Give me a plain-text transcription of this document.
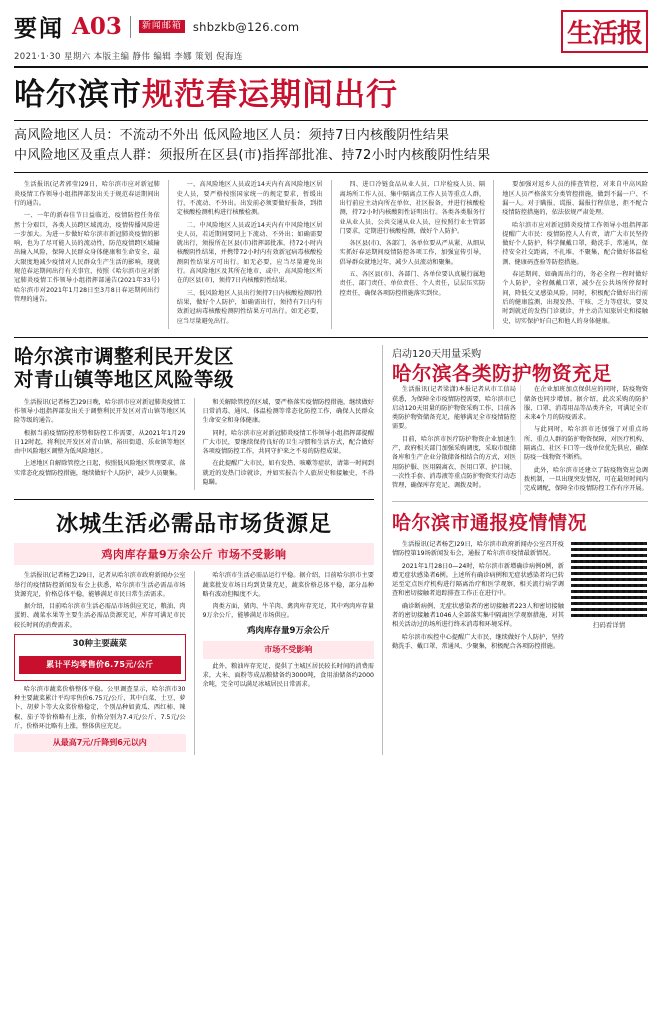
要闻 A03	新闻邮箱 shbzkb@126.com
2021·1·30 星期六 本版主编 静伟 编辑 李娜 策划 倪海连
生活报
哈尔滨市规范春运期间出行
高风险地区人员：不流动不外出 低风险地区人员：须持7日内核酸阴性结果
中风险地区及重点人群：须报所在区县(市)指挥部批准、持72小时内核酸阴性结果

生活报讯(记者郭莹)29日，哈尔滨市应对新冠肺炎疫情工作领导小组指挥部发出关于规范春运期间出行的通告。

一、一年的新春佳节日益临近，疫情防控任务依然十分艰巨，各类人员跨区域流动，疫情传播风险进一步加大。为进一步做好哈尔滨市新冠肺炎疫情的影响，也为了尽可能人员的流动性，防范疫情跨区域输出输入风险，保障人民群众身体健康和生命安全，最大限度地减少疫情对人民群众生产生活的影响，现就规范春运期间出行有关事宜，按照《哈尔滨市应对新冠肺炎疫情工作领导小组指挥部通告(2021年33号)哈尔滨市对2021年1月28日至3月8日春运期间出行管理的通告。

一、高风险地区人员或近14天内有高风险地区居史人员，要严格按照国家统一的规定要求，暂缓出行，不流动、不外出。出发前必须要做好报备，到指定核酸检测机构进行核酸检测。

二、中风险地区人员或近14天内有中风险地区居史人员，若近期间要同上下流动、不外出；如确需要就出行，须报所在区县(市)指挥部批准、持72小时内核酸阴性结果，并携带72小时内有效新冠病毒核酸检测阴性结果方可出行。如无必要，应当尽量避免出行。高风险地区及其所在地市，或中、高风险地区所在的区县(市)，须持7日内核酸阴性结果。

三、低风险地区人员出行须持7日内核酸检测阴性结果，做好个人防护，如确需出行，须持有7日内有效新冠病毒核酸检测阴性结果方可出行。如无必要，应当尽量避免出行。

四、进口冷链食品从业人员、口岸检疫人员、隔离场所工作人员、集中隔离点工作人员等重点人群，出行前应主动向所在单位、社区报备，并进行核酸检测，持72小时内核酸阴性证明出行。各类各类服务行业从业人员、公共交通从业人员，应按照行业主管部门要求，定期进行核酸检测，做好个人防护。

各区县(市)、各部门、各单位要从严从紧、从细从实抓好春运期间疫情防控各项工作，加强宣传引导，倡导群众就地过年，减少人员流动和聚集。

五、各区县(市)、各部门、各单位要认真履行属地责任、部门责任、单位责任、个人责任，层层压实防控责任，确保各项防控措施落实到位。

要加强对返乡人员的排查管控，对来自中高风险地区人员严格落实分类管控措施，做到不漏一户、不漏一人。对于瞒报、谎报、漏报行程信息，拒不配合疫情防控措施的，依法依规严肃处理。

哈尔滨市应对新冠肺炎疫情工作领导小组指挥部提醒广大市民：疫情防控人人有责，请广大市民坚持做好个人防护，科学佩戴口罩，勤洗手、常通风，保持安全社交距离，不扎堆、不聚集，配合做好体温检测、健康码查验等防控措施。

春运期间，如确需出行的，务必全程一程时做好个人防护，全程佩戴口罩，减少在公共场所停留时间，降低交叉感染风险。同时，积极配合做好出行前后的健康监测，出现发热、干咳、乏力等症状，要及时到就近的发热门诊就诊，并主动告知旅居史和接触史，切实保护好自己和他人的身体健康。

哈尔滨市调整利民开发区
对青山镇等地区风险等级

生活报讯(记者杨艺)29日晚，哈尔滨市应对新冠肺炎疫情工作领导小组指挥部发出关于调整利民开发区对青山镇等地区风险等级的通告。

根据当前疫情防控形势和防控工作需要，从2021年1月29日12时起，将利民开发区对青山镇、裕田街道、乐业镇等地区由中风险地区调整为低风险地区。

上述地区自解除管控之日起，按照低风险地区管理要求，落实常态化疫情防控措施，继续做好个人防护，减少人员聚集。

和关解除管控的区域，要严格落实疫情防控措施，继续做好日常消毒、通风、体温检测等常态化防控工作，确保人民群众生命安全和身体健康。

同时，哈尔滨市应对新冠肺炎疫情工作领导小组指挥部提醒广大市民，要继续保持良好的卫生习惯和生活方式，配合做好各项疫情防控工作，共同守护来之不易的防控成果。

在此提醒广大市民，如有发热、咳嗽等症状，请第一时间到就近的发热门诊就诊，并如实报告个人旅居史和接触史，不得隐瞒。

冰城生活必需品市场货源足
鸡肉库存量9万余公斤 市场不受影响

生活报讯(记者杨艺)29日，记者从哈尔滨市政府新闻办公室举行的疫情防控新闻发布会上获悉，哈尔滨市生活必需品市场货源充足，价格总体平稳，能够满足市民日常生活需求。

据介绍，目前哈尔滨市生活必需品市场供应充足，粮油、肉蛋奶、蔬菜水果等主要生活必需品货源充足，库存可满足市民较长时间的消费需求。

30种主要蔬菜
累计平均零售价6.75元/公斤

哈尔滨市蔬菜价格整体平稳。公里调查显示，哈尔滨市30种主要蔬菜累计平均零售价6.75元/公斤，其中白菜、土豆、萝卜、胡萝卜等大众菜价格稳定，个别品种如黄瓜、西红柿、辣椒、茄子等价格略有上涨，价格分别为7.4元/公斤、7.5元/公斤，价格环比略有上涨，整体供应充足。

从最高7元/斤降到6元以内

哈尔滨市生活必需品运行平稳。据介绍，目前哈尔滨市主要蔬菜批发市场日均到货量充足，蔬菜价格总体平稳，部分品种略有波动但幅度不大。

肉类方面，猪肉、牛羊肉、禽肉库存充足，其中鸡肉库存量9万余公斤，能够满足市场供应。

鸡肉库存量9万余公斤
市场不受影响

此外，粮油库存充足，提供了主城区居民较长时间的消费需求，大米、面粉等成品粮储备约3000吨，食用油储备约2000余吨，完全可以满足冰城居民日常需求。

启动120天用量采购
哈尔滨各类防护物资充足

生活报讯(记者梁潇)本报记者从市工信局获悉，为保障全市疫情防控需要，哈尔滨市已启动120天用量的防护物资采购工作，目前各类防护物资储备充足，能够满足全市疫情防控需要。

目前，哈尔滨市医疗防护物资企业加速生产，政府相关部门加强采购调度，采取市级储备库和生产企业分散储备相结合的方式，对医用防护服、医用隔离衣、医用口罩、护目镜、一次性手套、消毒液等重点防护物资实行动态管理，确保库存充足、调拨及时。

在企业加班加点保供应的同时，防疫物资储备也同步增加。据介绍，此次采购的防护服、口罩、消毒用品等品类齐全，可满足全市未来4个月的防疫需求。

与此同时，哈尔滨市还加强了对重点场所、重点人群的防护物资保障，对医疗机构、隔离点、社区卡口等一线单位优先供应，确保防疫一线物资不断档。

此外，哈尔滨市还建立了防疫物资应急调拨机制，一旦出现突发情况，可在最短时间内完成调配，保障全市疫情防控工作有序开展。

哈尔滨市通报疫情情况

生活报讯(记者杨艺)29日，哈尔滨市政府新闻办公室召开疫情防控第19场新闻发布会，通报了哈尔滨市疫情最新情况。

2021年1月28日0—24时，哈尔滨市新增确诊病例0例，新增无症状感染者6例。上述所有确诊病例和无症状感染者均已转运至定点医疗机构进行隔离治疗和医学观察，相关流行病学调查和密切接触者追踪排查工作正在进行中。

确诊断病例、无症状感染者的密切接触者223人和密切接触者的密切接触者1046人全部落实集中隔离医学观察措施，对其相关活动过的场所进行终末消毒和环境采样。

哈尔滨市疾控中心提醒广大市民，继续做好个人防护，坚持勤洗手、戴口罩、常通风、少聚集，积极配合各项防控措施。

扫码看详情
